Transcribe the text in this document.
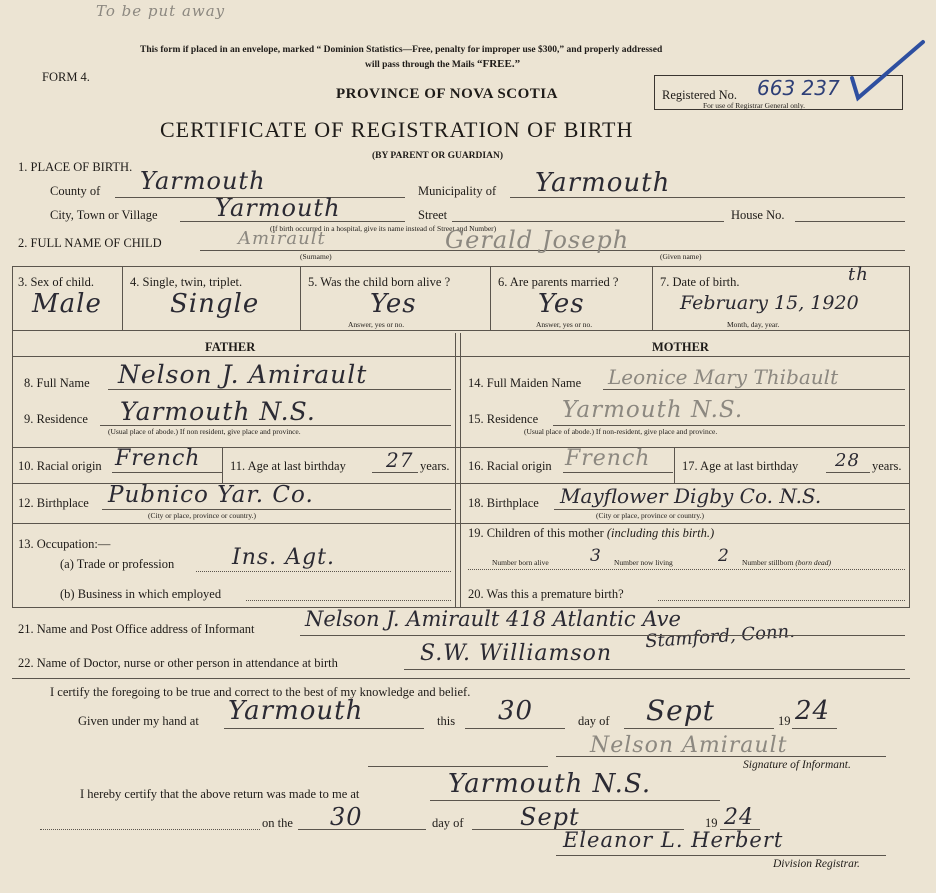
To be put away
This form if placed in an envelope, marked “ Dominion Statistics—Free, penalty for improper use $300,” and properly addressed
will pass through the Mails “FREE.”
FORM 4.
PROVINCE OF NOVA SCOTIA	Registered No. 663 237
For use of Registrar General only.
CERTIFICATE OF REGISTRATION OF BIRTH
(BY PARENT OR GUARDIAN)
1. PLACE OF BIRTH.
County of Yarmouth	Municipality of Yarmouth
City, Town or Village Yarmouth	Street	House No.
(If birth occurred in a hospital, give its name instead of Street and Number)
2. FULL NAME OF CHILD	Amirault	Gerald Joseph
(Surname)	(Given name)
3. Sex of child.
Male
4. Single, twin, triplet.
Single
5. Was the child born alive ?
Yes
Answer, yes or no.
6. Are parents married ?
Yes
Answer, yes or no.
7. Date of birth.
February 15, 1920
th
Month, day, year.
FATHER	MOTHER
8. Full Name Nelson J. Amirault
9. Residence Yarmouth N.S.
(Usual place of abode.) If non resident, give place and province.
10. Racial origin French 11. Age at last birthday 27 years.
12. Birthplace Pubnico Yar. Co.
(City or place, province or country.)
13. Occupation:—
(a) Trade or profession	Ins. Agt.
(b) Business in which employed
14. Full Maiden Name Leonice Mary Thibault
15. Residence Yarmouth N.S.
(Usual place of abode.) If non-resident, give place and province.
16. Racial origin French	17. Age at last birthday 28 years.
18. Birthplace Mayflower Digby Co. N.S.
(City or place, province or country.)
19. Children of this mother (including this birth.)
Number born alive 3 Number now living	2 Number stillborn (born dead)
20. Was this a premature birth?
21. Name and Post Office address of Informant Nelson J. Amirault 418 Atlantic Ave
Stamford, Conn.
22. Name of Doctor, nurse or other person in attendance at birth	S.W. Williamson
I certify the foregoing to be true and correct to the best of my knowledge and belief.
Given under my hand at Yarmouth	this 30	day of Sept	19 24
Nelson Amirault
Signature of Informant.
I hereby certify that the above return was made to me at	Yarmouth N.S.
on the 30	day of Sept	19 24
Eleanor L. Herbert
Division Registrar.
